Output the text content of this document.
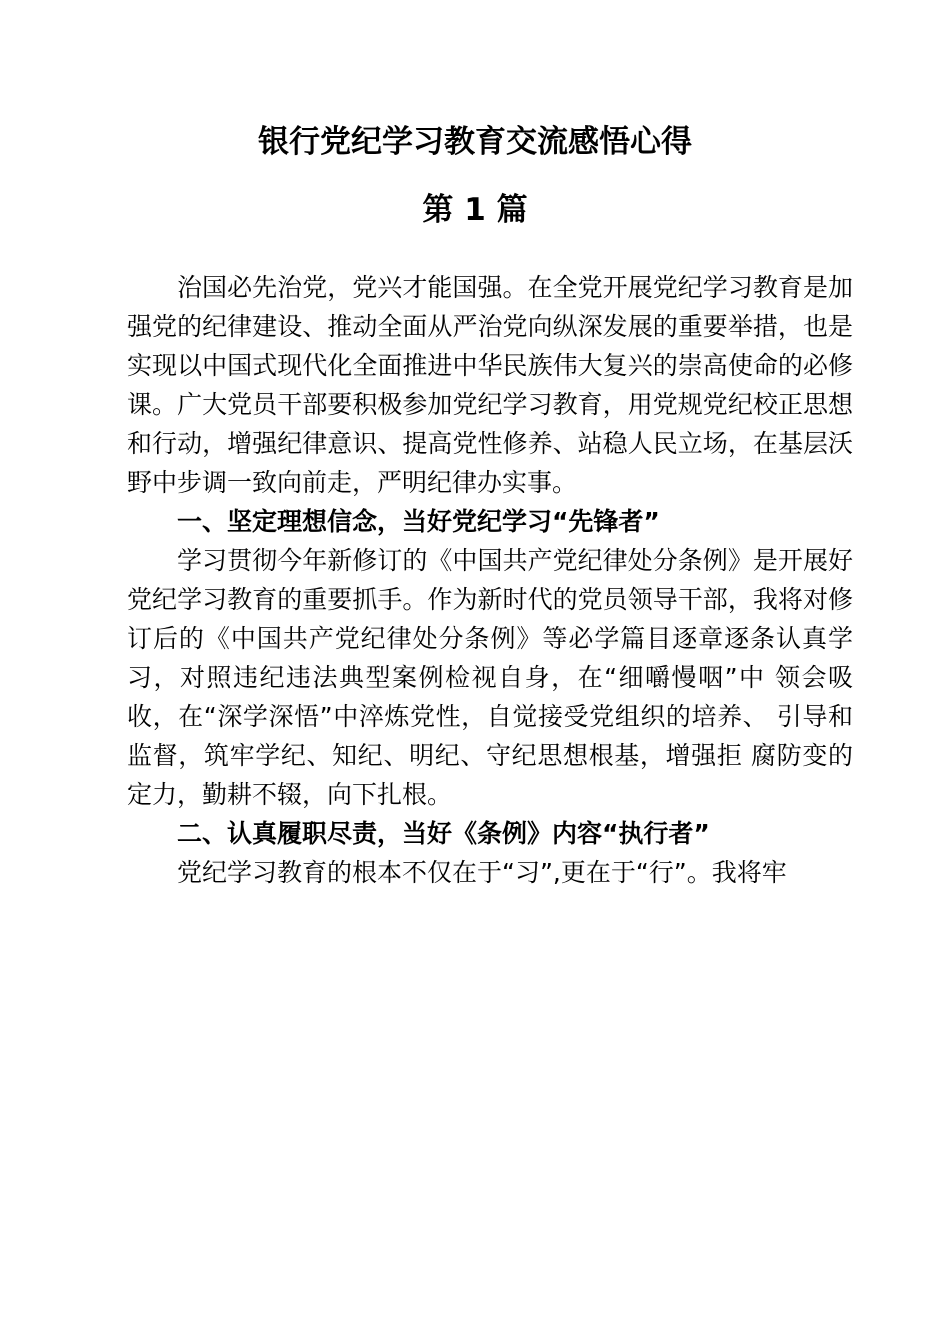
银行党纪学习教育交流感悟心得
第 1 篇

治国必先治党，党兴才能国强。在全党开展党纪学习教育是加强党的纪律建设、推动全面从严治党向纵深发展的重要举措，也是实现以中国式现代化全面推进中华民族伟大复兴的崇高使命的必修课。广大党员干部要积极参加党纪学习教育，用党规党纪校正思想和行动，增强纪律意识、提高党性修养、站稳人民立场，在基层沃野中步调一致向前走，严明纪律办实事。

一、坚定理想信念，当好党纪学习“先锋者”

学习贯彻今年新修订的《中国共产党纪律处分条例》是开展好党纪学习教育的重要抓手。作为新时代的党员领导干部，我将对修订后的《中国共产党纪律处分条例》等必学篇目逐章逐条认真学习，对照违纪违法典型案例检视自身，在“细嚼慢咽”中 领会吸收，在“深学深悟”中淬炼党性，自觉接受党组织的培养、 引导和监督，筑牢学纪、知纪、明纪、守纪思想根基，增强拒 腐防变的定力，勤耕不辍，向下扎根。

二、认真履职尽责，当好《条例》内容“执行者”

党纪学习教育的根本不仅在于“习”,更在于“行”。我将牢
